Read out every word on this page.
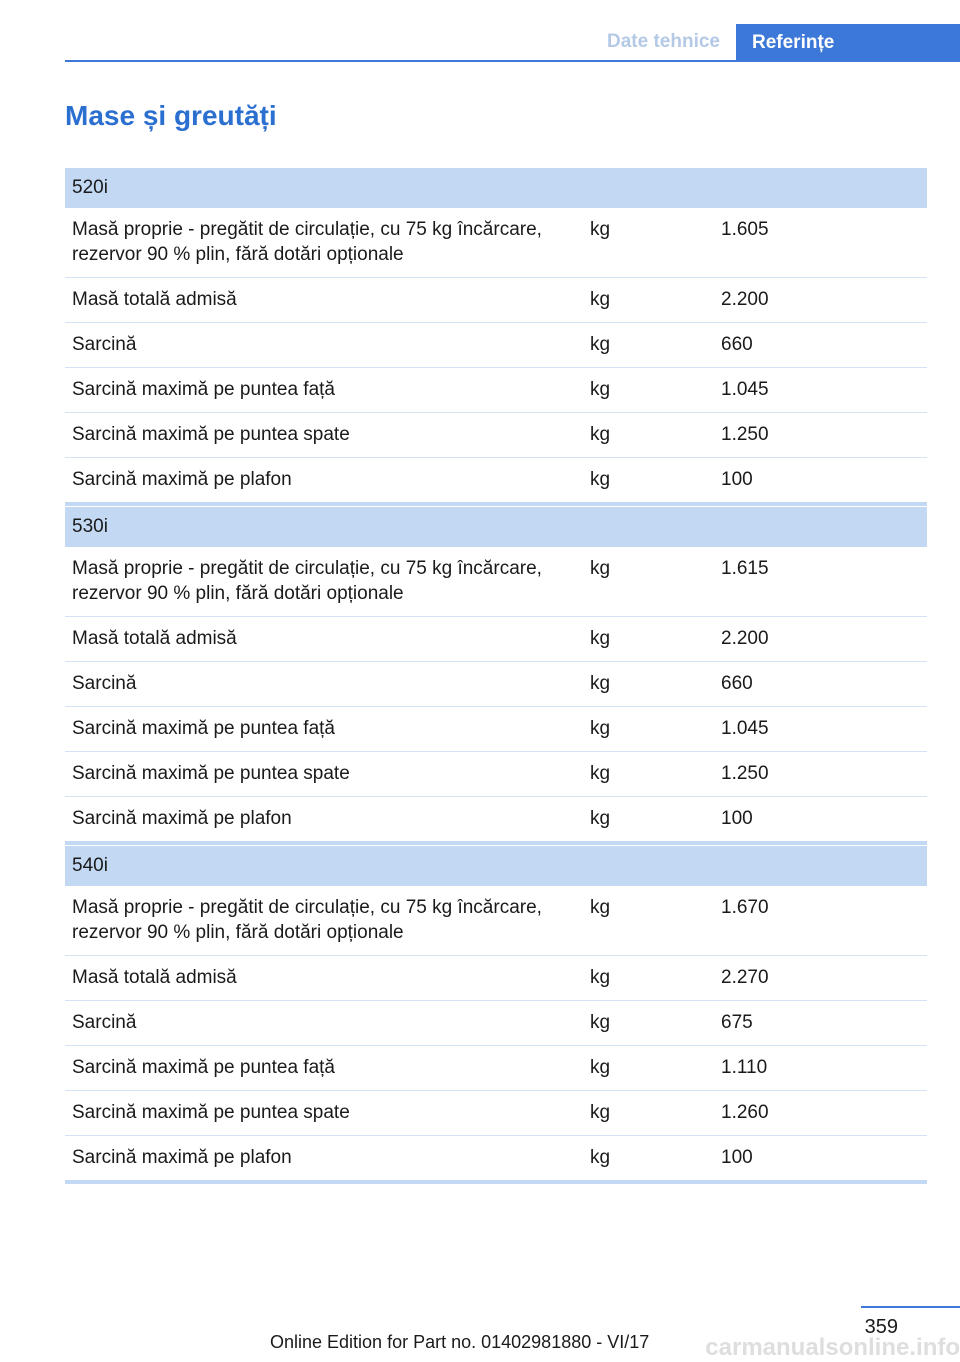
Date tehnice	Referințe
Mase și greutăți
520i		
Masă proprie - pregătit de circulație, cu 75 kg încărcare, rezervor 90 % plin, fără dotări opționale	kg	1.605
Masă totală admisă	kg	2.200
Sarcină	kg	660
Sarcină maximă pe puntea față	kg	1.045
Sarcină maximă pe puntea spate	kg	1.250
Sarcină maximă pe plafon	kg	100
530i		
Masă proprie - pregătit de circulație, cu 75 kg încărcare, rezervor 90 % plin, fără dotări opționale	kg	1.615
Masă totală admisă	kg	2.200
Sarcină	kg	660
Sarcină maximă pe puntea față	kg	1.045
Sarcină maximă pe puntea spate	kg	1.250
Sarcină maximă pe plafon	kg	100
540i		
Masă proprie - pregătit de circulație, cu 75 kg încărcare, rezervor 90 % plin, fără dotări opționale	kg	1.670
Masă totală admisă	kg	2.270
Sarcină	kg	675
Sarcină maximă pe puntea față	kg	1.110
Sarcină maximă pe puntea spate	kg	1.260
Sarcină maximă pe plafon	kg	100
359
Online Edition for Part no. 01402981880 - VI/17 carmanualsonline.info
